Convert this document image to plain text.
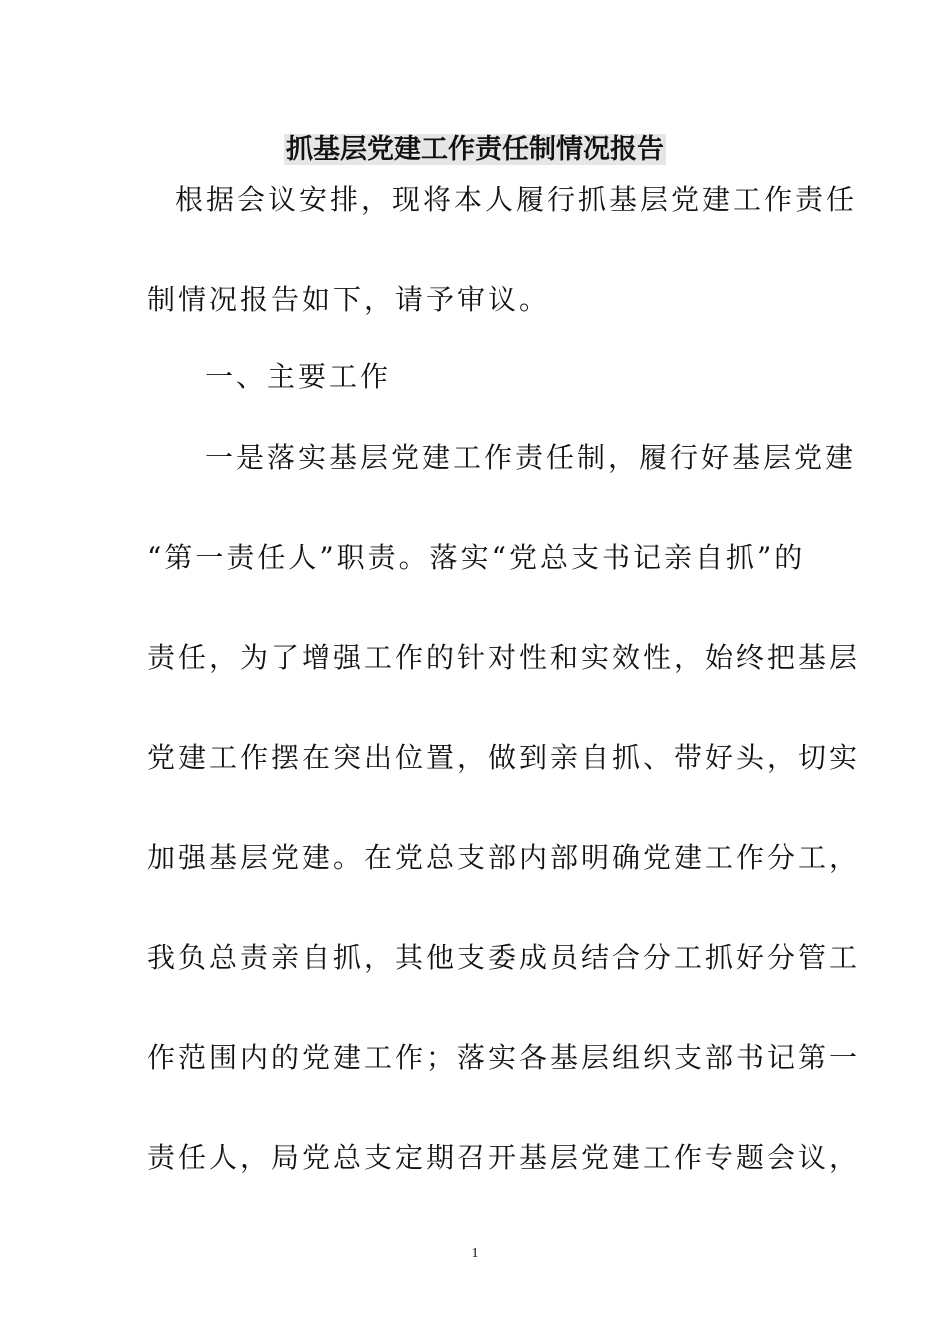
抓基层党建工作责任制情况报告
根据会议安排，现将本人履行抓基层党建工作责任
制情况报告如下，请予审议。
一、主要工作
一是落实基层党建工作责任制，履行好基层党建
“第一责任人”职责。落实“党总支书记亲自抓”的
责任，为了增强工作的针对性和实效性，始终把基层
党建工作摆在突出位置，做到亲自抓、带好头，切实
加强基层党建。在党总支部内部明确党建工作分工，
我负总责亲自抓，其他支委成员结合分工抓好分管工
作范围内的党建工作；落实各基层组织支部书记第一
责任人，局党总支定期召开基层党建工作专题会议，
1
